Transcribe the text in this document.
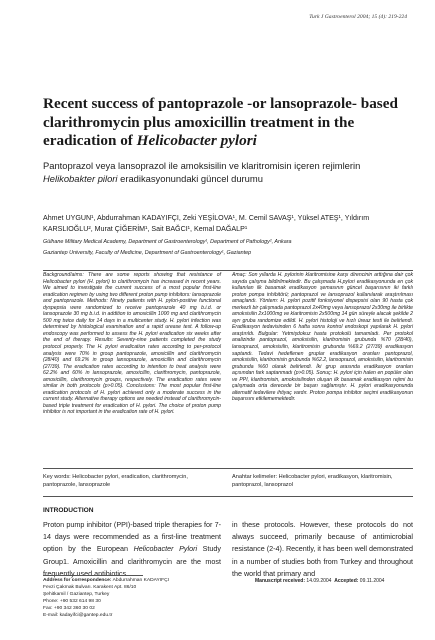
Turk J Gastroenterol 2004; 15 (4): 219-224
Recent success of pantoprazole -or lansoprazole- based clarithromycin plus amoxicillin treatment in the eradication of Helicobacter pylori
Pantoprazol veya lansoprazol ile amoksisilin ve klaritromisin içeren rejimlerin Helikobakter pilori eradikasyonundaki güncel durumu
Ahmet UYGUN¹, Abdurrahman KADAYIFÇI, Zeki YEŞİLOVA¹, M. Cemil SAVAŞ¹, Yüksel ATEŞ¹, Yıldırım KARSLIOĞLU², Murat ÇİĞERİM¹, Sait BAĞCI¹, Kemal DAĞALP¹

Gülhane Military Medical Academy, Department of Gastroenterology¹, Department of Pathology², Ankara

Gaziantep University, Faculty of Medicine, Department of Gastroenterology¹, Gaziantep

Background/aims: There are some reports showing that resistance of Helicobacter pylori (H. pylori) to clarithromycin has increased in recent years. We aimed to investigate the current success of a most popular first-line eradication regimen by using two different proton pump inhibitors: lansoprazole and pantoprazole. Methods: Ninety patients with H. pylori-positive functional dyspepsia were randomized to receive pantoprazole 40 mg b.i.d. or lansoprazole 30 mg b.i.d. in addition to amoxicillin 1000 mg and clarithromycin 500 mg twice daily for 14 days in a multicenter study. H. pylori infection was determined by histological examination and a rapid urease test. A follow-up endoscopy was performed to assess the H. pylori eradication six weeks after the end of therapy. Results: Seventy-nine patients completed the study protocol properly. The H. pylori eradication rates according to per-protocol analysis were 70% in group pantoprazole, amoxicillin and clarithromycin (28/40) and 69.2% in group lansoprazole, amoxicillin and clarithromycin (27/39). The eradication rates according to intention to treat analysis were 62.2% and 60% in lansoprazole, amoxicillin, clarithromycin, pantoprazole, amoxicillin, clarithromycin groups, respectively. The eradication rates were similar in both protocols (p>0.05). Conclusions: The most popular first-line eradication protocols of H. pylori achieved only a moderate success in the current study. Alternative therapy options are needed instead of clarithromycin-based triple treatment for eradication of H. pylori. The choice of proton pump inhibitor is not important in the eradication rate of H. pylori.
Amaç: Son yıllarda H. pylorinin klaritromisine karşı direncinin arttığına dair çok sayıda çalışma bildirilmektedir. Bu çalışmada H.pylori eradikasyonunda en çok kullanılan ilk basamak eradikasyon şemasının güncel başarısının iki farklı proton pompa inhibitörü; pantoprazol ve lansoprazol kullanılarak araştırılması amaçlandı. Yöntem: H. pylori pozitif fonksiyonel dispepsisi olan 90 hasta çok merkezli bir çalışmada pantoprazol 2x40mg veya lansoprazol 2x30mg ile birlikte amoksisilin 2x1000mg ve klaritromisin 2x500mg 14 gün süreyle alacak şekilde 2 ayrı gruba randomize edildi. H. pylori histoloji ve hızlı üreaz testi ile belirlendi. Eradikasyon tedavisinden 6 hafta sonra kontrol endoskopi yapılarak H. pylori araştırıldı. Bulgular: Yetmişdokuz hasta protokolü tamamladı. Per protokol analizinde pantoprazol, amoksisilin, klaritromisin grubunda %70 (28/40), lansoprazol, amoksisilin, klaritromisin grubunda %69.2 (27/39) eradikasyon saptandı. Tedavi hedeflenen gruplar eradikasyon oranları pantoprazol, amoksisilin, klaritromisin grubunda %62.2, lansoprazol, amoksisilin, klaritromisin grubunda %60 olarak belirlendi. İki grup arasında eradikasyon oranları açısından fark saptanmadı (p>0.05). Sonuç: H. pylori için halen en popüler olan ve PPI, klaritromisin, amoksisilinden oluşan ilk basamak eradikasyon rejimi bu çalışmada orta derecede bir başarı sağlamıştır. H. pylori eradikasyonunda alternatif tedavilere ihtiyaç vardır. Proton pompa inhibitor seçimi eradikasyonun başarısını etkilememektedir.
Key words: Helicobacter pylori, eradication, clarithromycin, pantoprazole, lansoprazole
Anahtar kelimeler: Helicobacter pylori, eradikasyon, klaritromisin, pantoprazol, lansoprazol
INTRODUCTION
Proton pump inhibitor (PPI)-based triple therapies for 7-14 days were recommended as a first-line treatment option by the European Helicobacter Pylori Study Group1. Amoxicillin and clarithromycin are the most frequently used antibiotics
in these protocols. However, these protocols do not always succeed, primarily because of antimicrobial resistance (2-4). Recently, it has been well demonstrated in a number of studies both from Turkey and throughout the world that primary and

Address for correspondence: Abdurrahman KADAYIFÇI

Fevzi Çakmak Bulvarı. Karakent Apt. 86/10

Şehitkamil / Gaziantep, Turkey

Phone: +90 532 614 98 30

Fax: +90 342 360 30 02

E-mail: kadayifci@gantep.edu.tr

Manuscript received: 14.09.2004 Accepted: 09.11.2004
